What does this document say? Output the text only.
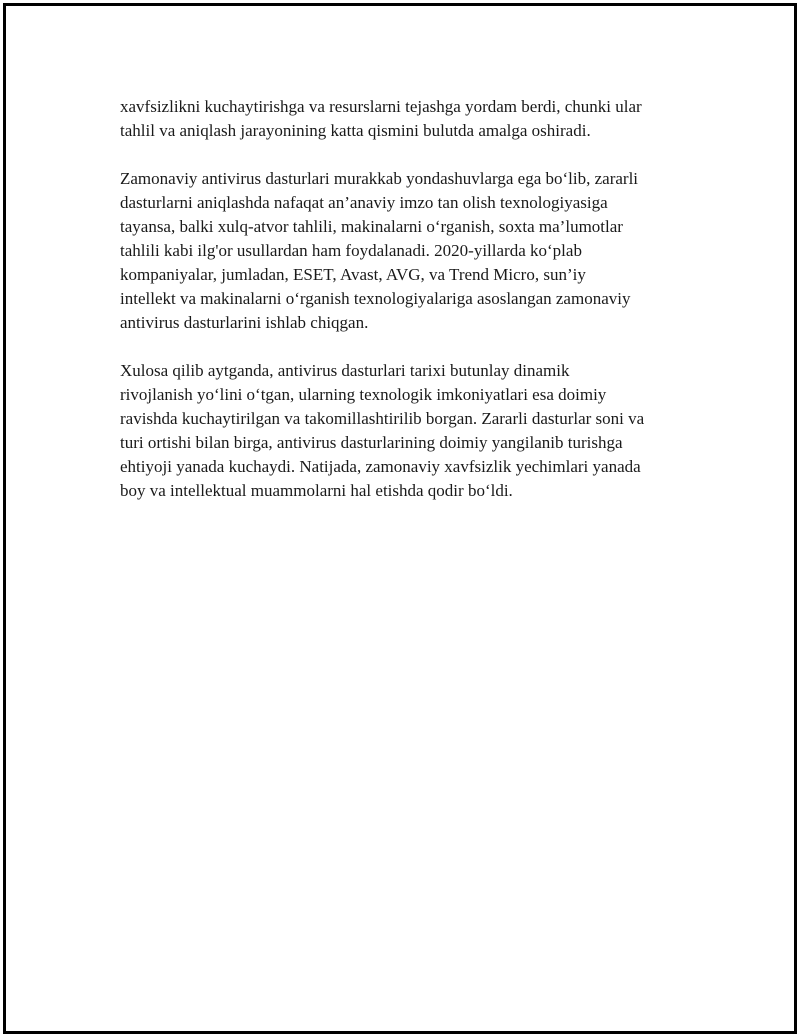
xavfsizlikni kuchaytirishga va resurslarni tejashga yordam berdi, chunki ular
tahlil va aniqlash jarayonining katta qismini bulutda amalga oshiradi.

Zamonaviy antivirus dasturlari murakkab yondashuvlarga ega bo‘lib, zararli
dasturlarni aniqlashda nafaqat an’anaviy imzo tan olish texnologiyasiga
tayansa, balki xulq-atvor tahlili, makinalarni o‘rganish, soxta ma’lumotlar
tahlili kabi ilg'or usullardan ham foydalanadi. 2020-yillarda ko‘plab
kompaniyalar, jumladan, ESET, Avast, AVG, va Trend Micro, sun’iy
intellekt va makinalarni o‘rganish texnologiyalariga asoslangan zamonaviy
antivirus dasturlarini ishlab chiqgan.

Xulosa qilib aytganda, antivirus dasturlari tarixi butunlay dinamik
rivojlanish yo‘lini o‘tgan, ularning texnologik imkoniyatlari esa doimiy
ravishda kuchaytirilgan va takomillashtirilib borgan. Zararli dasturlar soni va
turi ortishi bilan birga, antivirus dasturlarining doimiy yangilanib turishga
ehtiyoji yanada kuchaydi. Natijada, zamonaviy xavfsizlik yechimlari yanada
boy va intellektual muammolarni hal etishda qodir bo‘ldi.
